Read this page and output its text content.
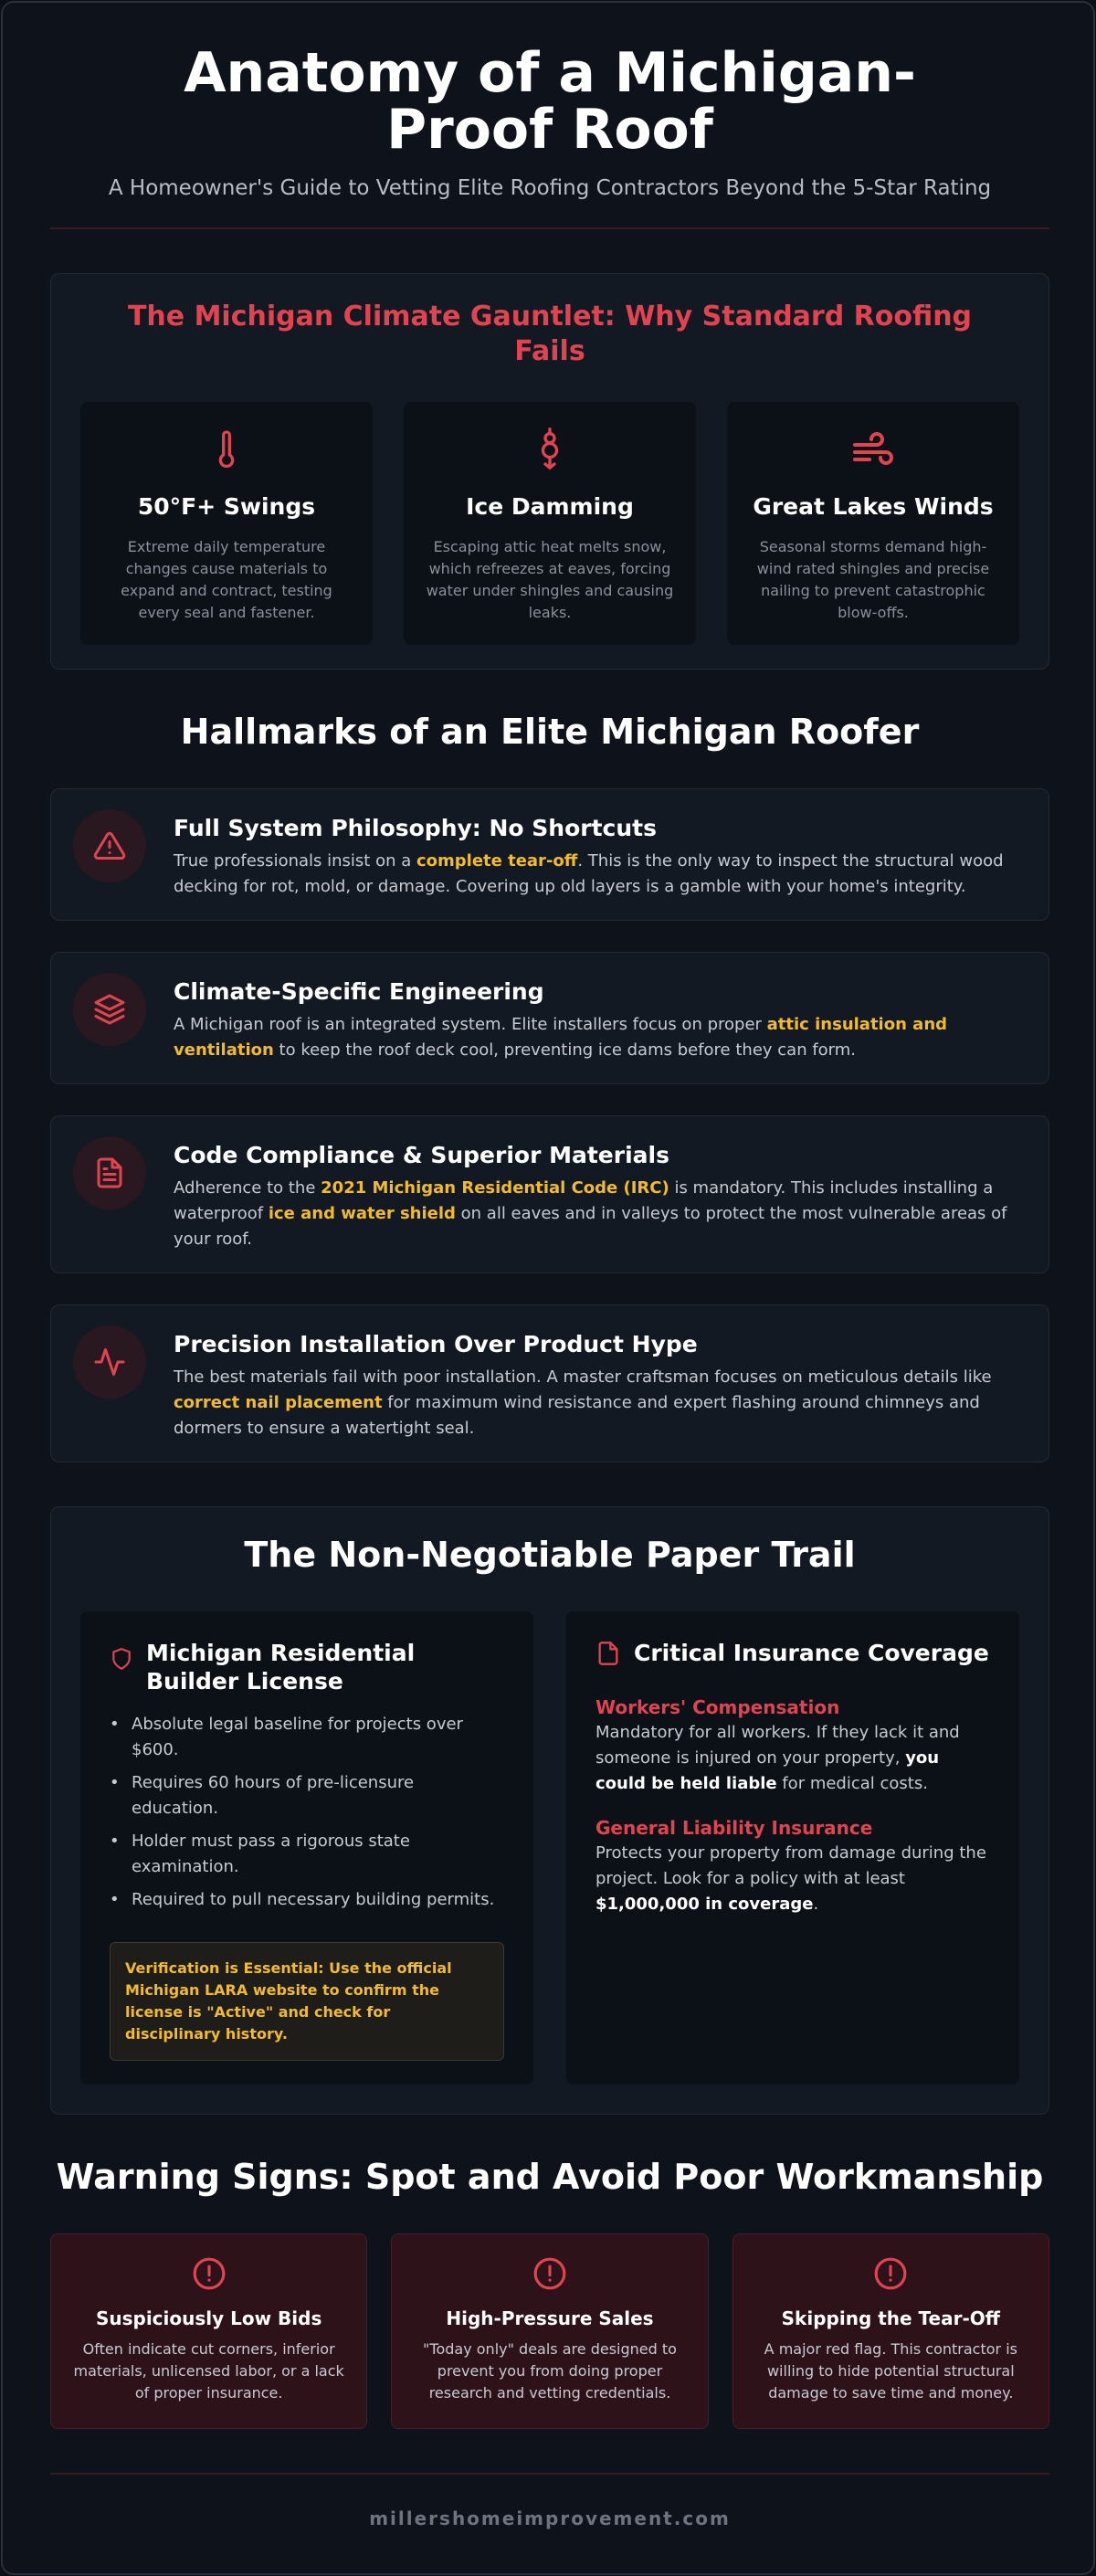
Anatomy of a Michigan-Proof Roof
A Homeowner's Guide to Vetting Elite Roofing Contractors Beyond the 5-Star Rating
The Michigan Climate Gauntlet: Why Standard Roofing Fails
50°F+ Swings

Extreme daily temperature changes cause materials to expand and contract, testing every seal and fastener.

Ice Damming

Escaping attic heat melts snow, which refreezes at eaves, forcing water under shingles and causing leaks.

Great Lakes Winds

Seasonal storms demand high-wind rated shingles and precise nailing to prevent catastrophic blow-offs.

Hallmarks of an Elite Michigan Roofer
Full System Philosophy: No Shortcuts

True professionals insist on a complete tear-off. This is the only way to inspect the structural wood decking for rot, mold, or damage. Covering up old layers is a gamble with your home's integrity.

Climate-Specific Engineering

A Michigan roof is an integrated system. Elite installers focus on proper attic insulation and ventilation to keep the roof deck cool, preventing ice dams before they can form.

Code Compliance & Superior Materials

Adherence to the 2021 Michigan Residential Code (IRC) is mandatory. This includes installing a waterproof ice and water shield on all eaves and in valleys to protect the most vulnerable areas of your roof.

Precision Installation Over Product Hype

The best materials fail with poor installation. A master craftsman focuses on meticulous details like correct nail placement for maximum wind resistance and expert flashing around chimneys and dormers to ensure a watertight seal.

The Non-Negotiable Paper Trail
Michigan Residential Builder License
• Absolute legal baseline for projects over $600.
• Requires 60 hours of pre-licensure education.
• Holder must pass a rigorous state examination.
• Required to pull necessary building permits.
Verification is Essential: Use the official Michigan LARA website to confirm the license is "Active" and check for disciplinary history.
Critical Insurance Coverage
Workers' Compensation

Mandatory for all workers. If they lack it and someone is injured on your property, you could be held liable for medical costs.

General Liability Insurance

Protects your property from damage during the project. Look for a policy with at least $1,000,000 in coverage.

Warning Signs: Spot and Avoid Poor Workmanship
Suspiciously Low Bids

Often indicate cut corners, inferior materials, unlicensed labor, or a lack of proper insurance.

High-Pressure Sales

"Today only" deals are designed to prevent you from doing proper research and vetting credentials.

Skipping the Tear-Off

A major red flag. This contractor is willing to hide potential structural damage to save time and money.

millershomeimprovement.com
